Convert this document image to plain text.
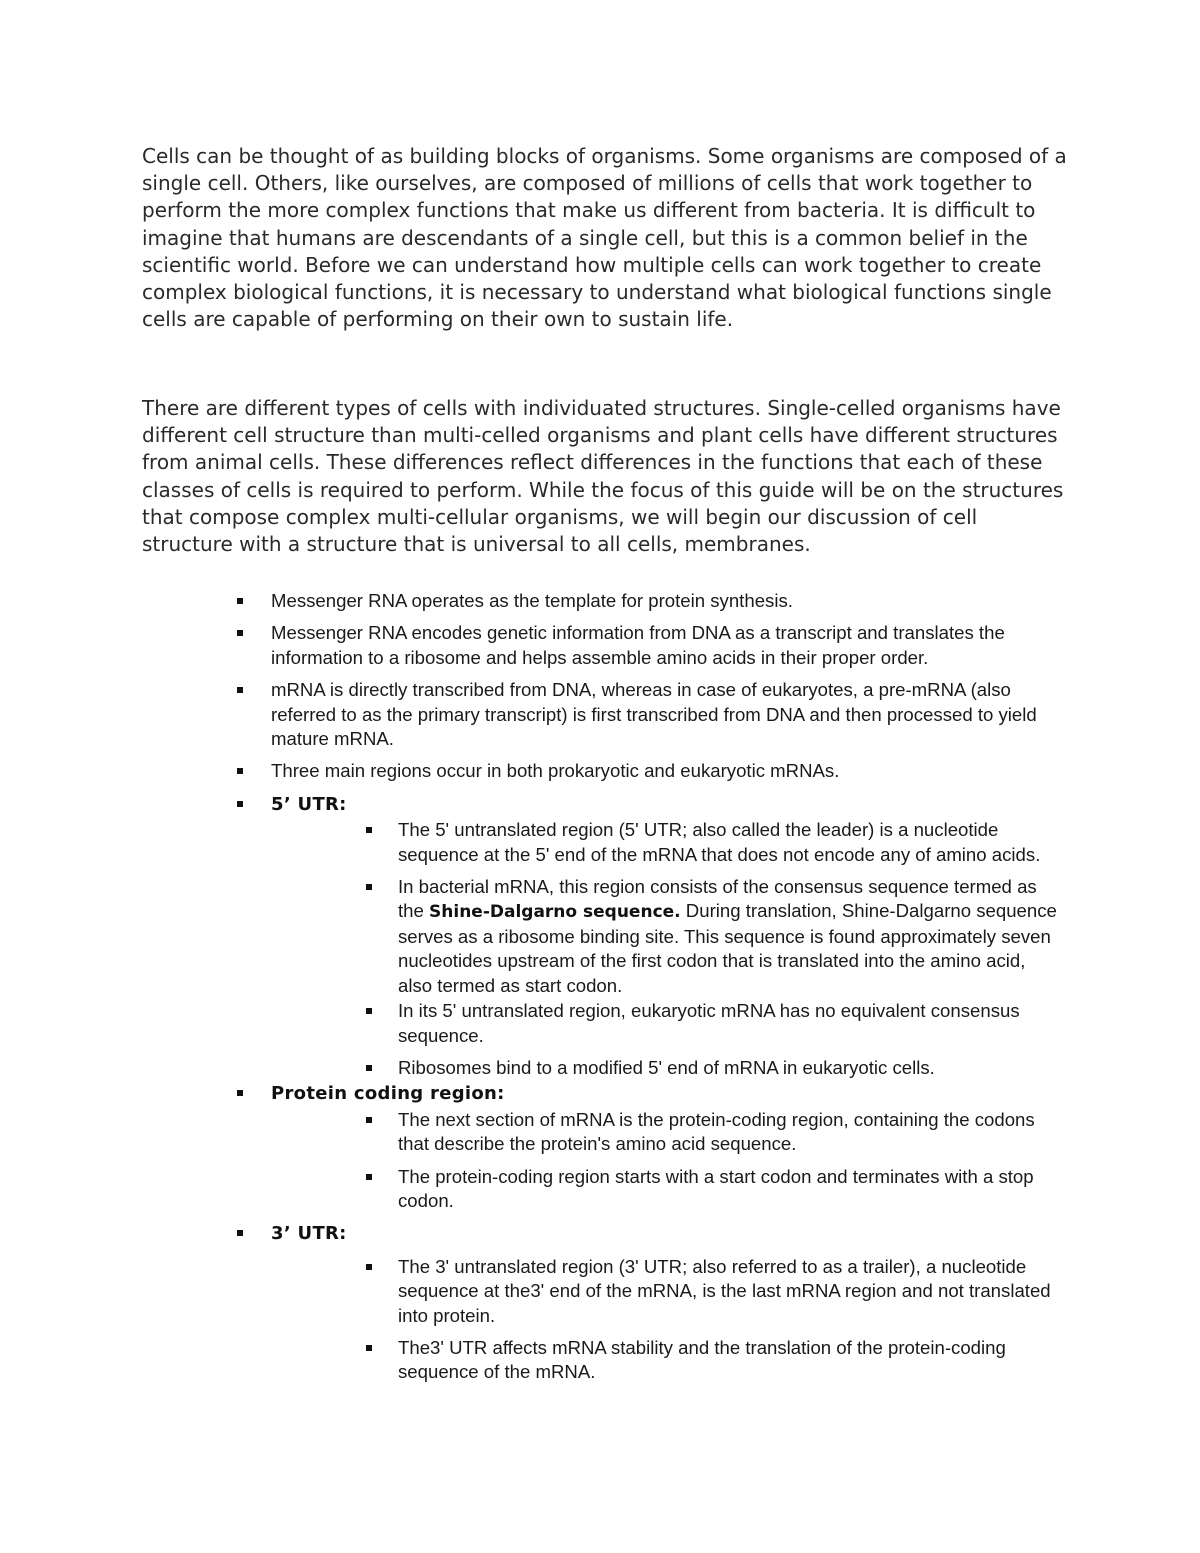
Cells can be thought of as building blocks of organisms. Some organisms are composed of a single cell. Others, like ourselves, are composed of millions of cells that work together to perform the more complex functions that make us different from bacteria. It is difficult to imagine that humans are descendants of a single cell, but this is a common belief in the scientific world. Before we can understand how multiple cells can work together to create complex biological functions, it is necessary to understand what biological functions single cells are capable of performing on their own to sustain life.

There are different types of cells with individuated structures. Single-celled organisms have different cell structure than multi-celled organisms and plant cells have different structures from animal cells. These differences reflect differences in the functions that each of these classes of cells is required to perform. While the focus of this guide will be on the structures that compose complex multi-cellular organisms, we will begin our discussion of cell structure with a structure that is universal to all cells, membranes.

Messenger RNA operates as the template for protein synthesis.
Messenger RNA encodes genetic information from DNA as a transcript and translates the information to a ribosome and helps assemble amino acids in their proper order.
mRNA is directly transcribed from DNA, whereas in case of eukaryotes, a pre-mRNA (also referred to as the primary transcript) is first transcribed from DNA and then processed to yield mature mRNA.
Three main regions occur in both prokaryotic and eukaryotic mRNAs.
5’ UTR:
The 5' untranslated region (5' UTR; also called the leader) is a nucleotide sequence at the 5' end of the mRNA that does not encode any of amino acids.
In bacterial mRNA, this region consists of the consensus sequence termed as the Shine-Dalgarno sequence. During translation, Shine-Dalgarno sequence serves as a ribosome binding site. This sequence is found approximately seven nucleotides upstream of the first codon that is translated into the amino acid, also termed as start codon.
In its 5' untranslated region, eukaryotic mRNA has no equivalent consensus sequence.
Ribosomes bind to a modified 5' end of mRNA in eukaryotic cells.
Protein coding region:
The next section of mRNA is the protein-coding region, containing the codons that describe the protein's amino acid sequence.
The protein-coding region starts with a start codon and terminates with a stop codon.
3’ UTR:
The 3' untranslated region (3' UTR; also referred to as a trailer), a nucleotide sequence at the3' end of the mRNA, is the last mRNA region and not translated into protein.
The3' UTR affects mRNA stability and the translation of the protein-coding sequence of the mRNA.
